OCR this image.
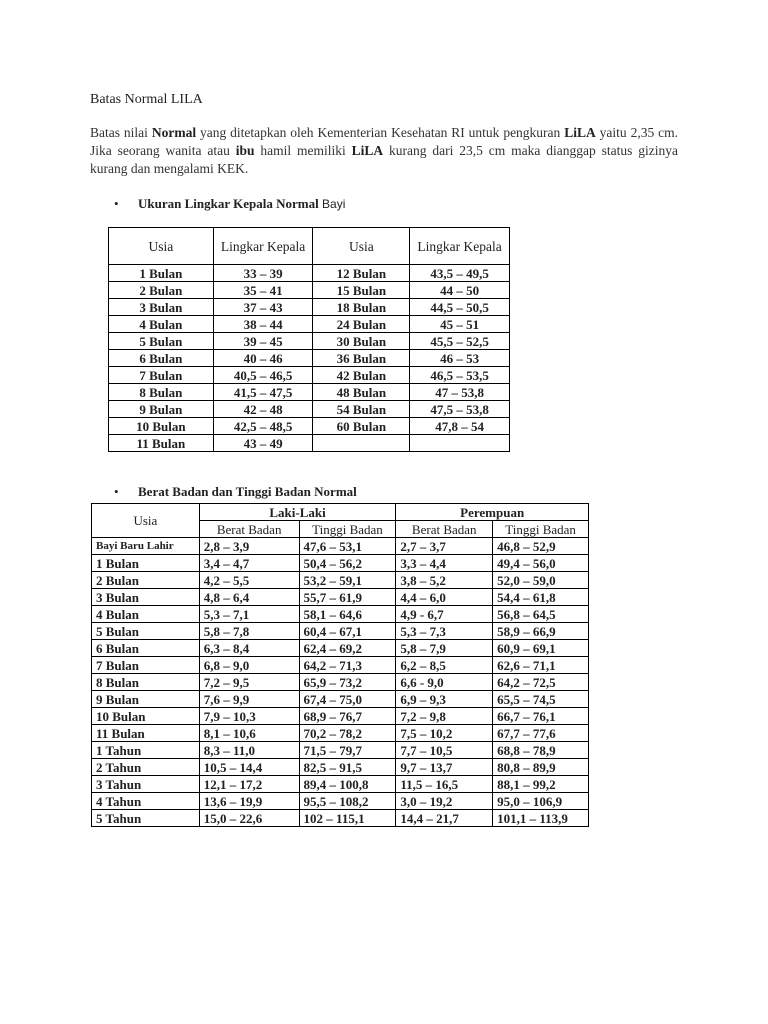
Batas Normal LILA
Batas nilai Normal yang ditetapkan oleh Kementerian Kesehatan RI untuk pengkuran LiLA yaitu 2,35 cm. Jika seorang wanita atau ibu hamil memiliki LiLA kurang dari 23,5 cm maka dianggap status gizinya kurang dan mengalami KEK.
• Ukuran Lingkar Kepala Normal Bayi
Usia	Lingkar Kepala	Usia	Lingkar Kepala
1 Bulan	33 – 39	12 Bulan	43,5 – 49,5
2 Bulan	35 – 41	15 Bulan	44 – 50
3 Bulan	37 – 43	18 Bulan	44,5 – 50,5
4 Bulan	38 – 44	24 Bulan	45 – 51
5 Bulan	39 – 45	30 Bulan	45,5 – 52,5
6 Bulan	40 – 46	36 Bulan	46 – 53
7 Bulan	40,5 – 46,5	42 Bulan	46,5 – 53,5
8 Bulan	41,5 – 47,5	48 Bulan	47 – 53,8
9 Bulan	42 – 48	54 Bulan	47,5 – 53,8
10 Bulan	42,5 – 48,5	60 Bulan	47,8 – 54
11 Bulan	43 – 49		
• Berat Badan dan Tinggi Badan Normal
Usia	Laki-Laki		Perempuan	
	Berat Badan	Tinggi Badan	Berat Badan	Tinggi Badan
Bayi Baru Lahir	2,8 – 3,9	47,6 – 53,1	2,7 – 3,7	46,8 – 52,9
1 Bulan	3,4 – 4,7	50,4 – 56,2	3,3 – 4,4	49,4 – 56,0
2 Bulan	4,2 – 5,5	53,2 – 59,1	3,8 – 5,2	52,0 – 59,0
3 Bulan	4,8 – 6,4	55,7 – 61,9	4,4 – 6,0	54,4 – 61,8
4 Bulan	5,3 – 7,1	58,1 – 64,6	4,9 - 6,7	56,8 – 64,5
5 Bulan	5,8 – 7,8	60,4 – 67,1	5,3 – 7,3	58,9 – 66,9
6 Bulan	6,3 – 8,4	62,4 – 69,2	5,8 – 7,9	60,9 – 69,1
7 Bulan	6,8 – 9,0	64,2 – 71,3	6,2 – 8,5	62,6 – 71,1
8 Bulan	7,2 – 9,5	65,9 – 73,2	6,6 - 9,0	64,2 – 72,5
9 Bulan	7,6 – 9,9	67,4 – 75,0	6,9 – 9,3	65,5 – 74,5
10 Bulan	7,9 – 10,3	68,9 – 76,7	7,2 – 9,8	66,7 – 76,1
11 Bulan	8,1 – 10,6	70,2 – 78,2	7,5 – 10,2	67,7 – 77,6
1 Tahun	8,3 – 11,0	71,5 – 79,7	7,7 – 10,5	68,8 – 78,9
2 Tahun	10,5 – 14,4	82,5 – 91,5	9,7 – 13,7	80,8 – 89,9
3 Tahun	12,1 – 17,2	89,4 – 100,8	11,5 – 16,5	88,1 – 99,2
4 Tahun	13,6 – 19,9	95,5 – 108,2	3,0 – 19,2	95,0 – 106,9
5 Tahun	15,0 – 22,6	102 – 115,1	14,4 – 21,7	101,1 – 113,9
